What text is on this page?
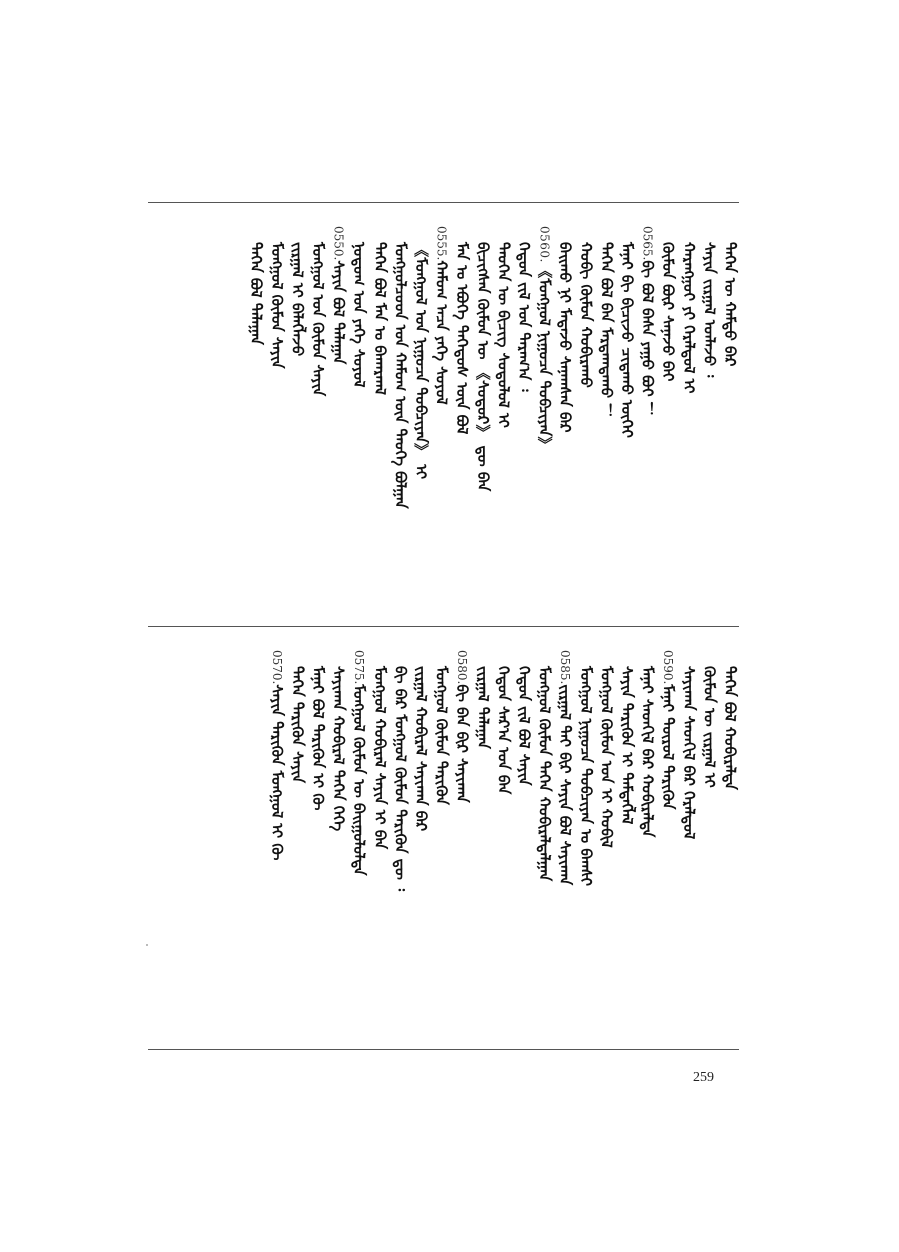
ᠲᠡᠭᠡᠨ ᠦ ᠬᠠᠮᠲᠤ ᠪᠡᠷ
ᠰᠠᠶᠢᠨ ᠵᠢᠷᠭᠠᠯ ᠡᠳᠯᠡᠵᠦ ᠄
ᠬᠠᠷᠠᠩᠭᠤᠢ ᠶᠢ ᠭᠡᠷᠡᠯᠲᠦᠯ ᠢ
ᠬᠦᠮᠦᠨ ᠪᠦᠷ ᠰᠠᠨᠠᠵᠤ ᠪᠠᠢ
0565.ᠪᠢ ᠪᠣᠯ ᠪᠠᠰᠠ ᠶᠠᠭᠤ ᠪᠤᠢ ！
ᠮᠠᠨᠠᠢ ᠪᠢ ᠪᠢᠴᠢᠵᠦ ᠴᠢᠳᠠᠬᠤ ᠦᠭᠡᠢ
ᠲᠡᠭᠡᠨ ᠪᠣᠯ ᠪᠠᠨ ᠮᠠᠷᠲᠠᠭᠳᠠᠬᠤ ！
ᠬᠤᠪᠢ ᠬᠦᠮᠦᠨ ᠬᠤᠪᠢᠷᠠᠬᠤ
ᠪᠠᠢᠬᠤ ᠨᠢ ᠮᠡᠳᠡᠵᠦ ᠰᠠᠨᠠᠭᠰᠠᠨ ᠪᠡᠷ
0560.《ᠮᠣᠩᠭᠣᠯ ᠨᠢᠭᠤᠴᠠ ᠲᠣᠪᠴᠢᠶᠠᠨ》
ᠬᠡᠳᠦᠨ ᠵᠢᠯ ᠤᠨ ᠳᠠᠷᠠᠭ᠎ᠠ ᠄
ᠲᠡᠦᠬᠡᠨ ᠦ ᠪᠢᠴᠢᠭ ᠰᠤᠳᠤᠯᠤᠯ ᠢ
ᠪᠢᠴᠢᠭᠰᠡᠨ ᠬᠦᠮᠦᠨ ᠦ 《ᠰᠤᠳᠤᠷ》 ᠳᠦ ᠪᠡᠨ
ᠮᠠᠨ ᠤ ᠡᠪᠦᠭᠡ ᠳᠡᠭᠡᠳᠦᠰ ᠦᠨ ᠪᠣᠯ
0555.ᠬᠠᠮᠤᠭ ᠠᠴᠠ ᠶᠡᠬᠡ ᠰᠣᠶᠤᠯ
《ᠮᠣᠩᠭᠣᠯ ᠤᠨ ᠨᠢᠭᠤᠴᠠ ᠲᠣᠪᠴᠢᠶᠠᠨ》 ᠢ
ᠮᠣᠩᠭᠣᠯᠴᠤᠳ ᠤᠨ ᠬᠠᠮᠤᠭ ᠦᠨ ᠲᠡᠦᠬᠡ ᠪᠣᠯᠭᠠᠨ
ᠲᠡᠭᠡᠨ ᠪᠣᠯ ᠮᠠᠨ ᠤ ᠪᠠᠬᠠᠷᠬᠠᠯ
ᠨᠤᠲᠤᠭ ᠤᠨ ᠶᠡᠬᠡ ᠰᠣᠶᠤᠯ
0550.ᠰᠠᠶᠢᠨ ᠪᠣᠯ ᠲᠠᠯᠠᠭᠠᠨ
ᠮᠣᠩᠭᠣᠯ ᠤᠨ ᠬᠦᠮᠦᠨ ᠰᠠᠶᠢᠨ
ᠵᠢᠷᠭᠠᠯ ᠢ ᠪᠡᠯᠡᠭᠯᠡᠵᠦ
ᠮᠣᠩᠭᠣᠯ ᠬᠦᠮᠦᠨ ᠰᠠᠶᠢᠨ
ᠲᠡᠭᠡᠨ ᠪᠣᠯ ᠲᠠᠯᠠᠭᠠᠨ
ᠲᠡᠭᠡᠨ ᠪᠣᠯ ᠬᠤᠪᠢᠷᠠᠯᠲᠠ
ᠬᠦᠮᠦᠨ ᠦ ᠵᠢᠷᠭᠠᠯ ᠢ
ᠰᠠᠶᠢᠬᠠᠨ ᠰᠡᠳᠬᠢᠯ ᠪᠡᠷ ᠭᠡᠷᠡᠯᠲᠦᠯ
0590.ᠮᠠᠨᠠᠢ ᠲᠦᠷᠦᠯ ᠲᠡᠷᠢᠭᠦᠨ
ᠮᠠᠨᠠᠢ ᠰᠡᠳᠬᠢᠯ ᠪᠡᠷ ᠬᠤᠪᠢᠷᠠᠯᠲᠠ
ᠰᠠᠶᠢᠨ ᠲᠡᠷᠢᠭᠦᠨ ᠢ ᠲᠡᠮᠳᠡᠭᠯᠡᠯ
ᠮᠣᠩᠭᠣᠯ ᠬᠦᠮᠦᠨ ᠤᠨ ᠢ ᠬᠤᠪᠢᠯ
ᠮᠣᠩᠭᠣᠯ ᠨᠢᠭᠤᠴᠠ ᠲᠣᠪᠴᠢᠶᠠᠨ ᠤ ᠪᠠᠭᠰᠢ
0585.ᠵᠢᠷᠭᠠᠯ ᠲᠡᠢ ᠪᠢᠷ ᠰᠠᠶᠢᠨ ᠪᠣᠯ ᠰᠠᠶᠢᠬᠠᠨ
ᠮᠣᠩᠭᠣᠯ ᠬᠦᠮᠦᠨ ᠲᠡᠭᠡᠨ ᠬᠤᠪᠢᠷᠠᠯᠲᠠᠯᠭᠠᠨ
ᠬᠡᠳᠦᠨ ᠵᠢᠯ ᠪᠣᠯ ᠰᠠᠶᠢᠨ
ᠬᠡᠳᠦᠨ ᠰᠠᠷ᠎ᠠ ᠤᠨ ᠪᠠᠨ
ᠵᠢᠷᠭᠠᠯ ᠲᠠᠯᠠᠭᠠᠨ
0580.ᠪᠢ ᠪᠠᠨ ᠪᠢᠷ ᠰᠠᠶᠢᠬᠠᠨ
ᠮᠣᠩᠭᠣᠯ ᠬᠦᠮᠦᠨ ᠲᠡᠷᠢᠭᠦᠨ
ᠵᠢᠷᠭᠠᠯ ᠬᠤᠪᠢᠷᠠᠯ ᠰᠠᠶᠢᠬᠠᠨ ᠪᠡᠷ
ᠪᠢ ᠪᠡᠷ ᠮᠣᠩᠭᠣᠯ ᠬᠦᠮᠦᠨ ᠲᠡᠷᠢᠭᠦᠨ ᠳᠦ ᠄
ᠮᠣᠩᠭᠣᠯ ᠬᠤᠪᠢᠷᠠᠯ ᠰᠠᠶᠢᠨ ᠢ ᠪᠠᠨ
0575.ᠮᠣᠩᠭᠣᠯ ᠬᠦᠮᠦᠨ ᠦ ᠪᠠᠢᠭᠤᠯᠤᠯᠲᠠ
ᠰᠠᠶᠢᠬᠠᠨ ᠬᠤᠪᠢᠷᠠᠯ ᠲᠡᠭᠡᠨ ᠬᠡᠭᠡ
ᠮᠠᠨᠠᠢ ᠪᠣᠯ ᠲᠡᠷᠢᠭᠦᠨ ᠢ ᠬᠦ
ᠲᠡᠭᠡᠨ ᠲᠡᠷᠢᠭᠦᠨ ᠰᠠᠶᠢᠨ
0570.ᠰᠠᠶᠢᠨ ᠲᠡᠷᠢᠭᠦᠨ ᠮᠣᠩᠭᠣᠯ ᠢ ᠬᠦ
259
